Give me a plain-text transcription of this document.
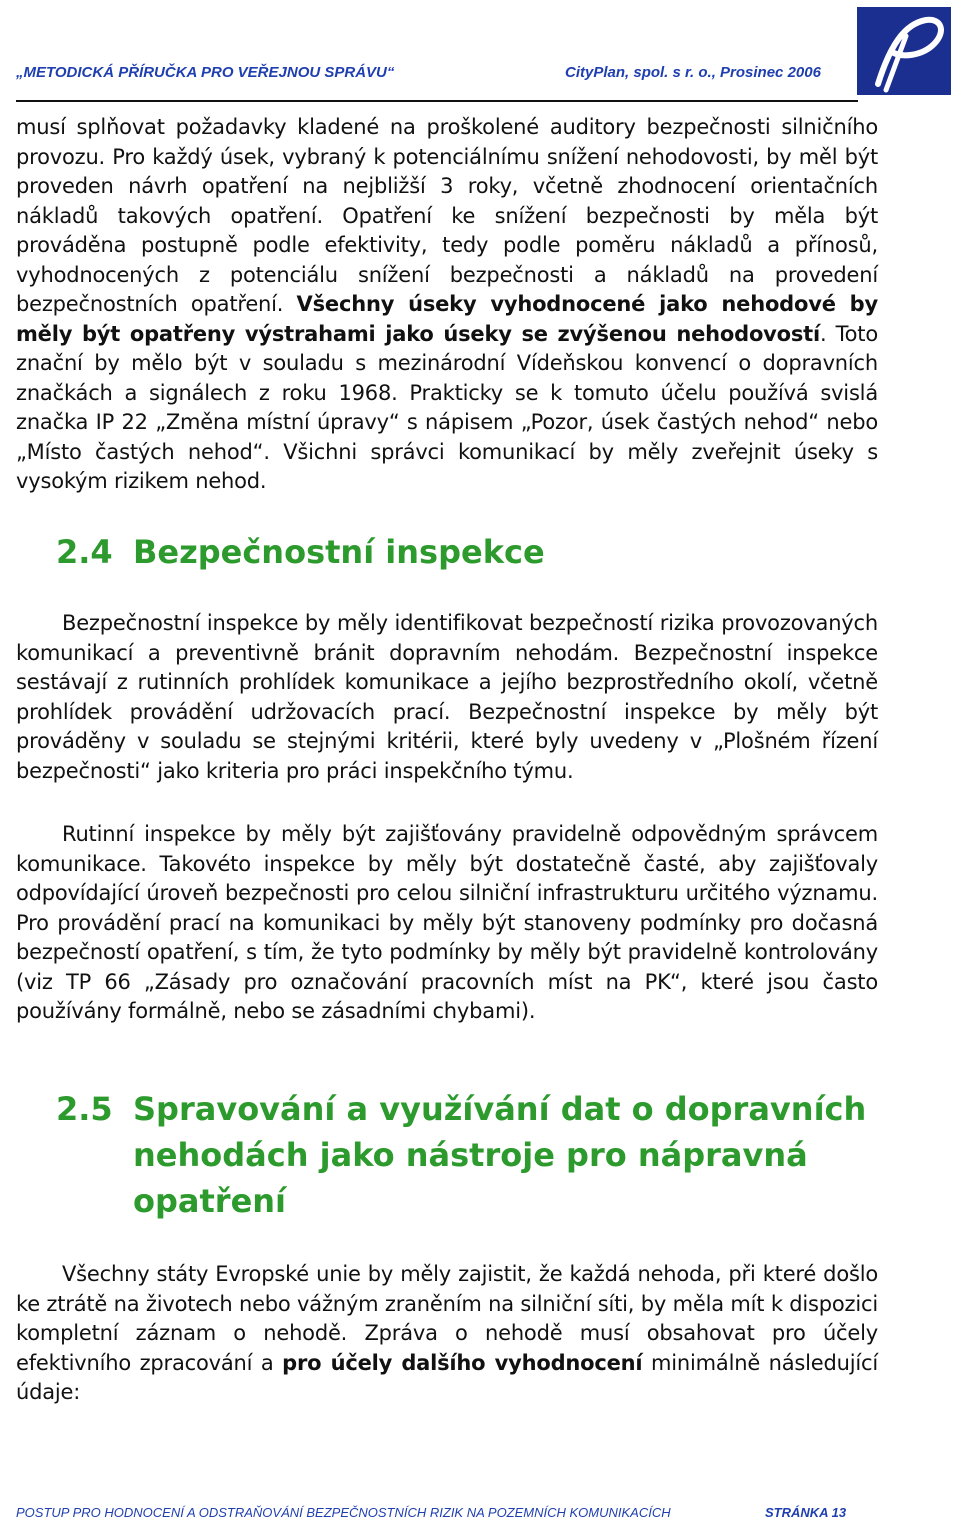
„METODICKÁ PŘÍRUČKA PRO VEŘEJNOU SPRÁVU“	CityPlan, spol. s r. o., Prosinec 2006

musí splňovat požadavky kladené na proškolené auditory bezpečnosti silničního provozu. Pro každý úsek, vybraný k potenciálnímu snížení nehodovosti, by měl být proveden návrh opatření na nejbližší 3 roky, včetně zhodnocení orientačních nákladů takových opatření. Opatření ke snížení bezpečnosti by měla být prováděna postupně podle efektivity, tedy podle poměru nákladů a přínosů, vyhodnocených z potenciálu snížení bezpečnosti a nákladů na provedení bezpečnostních opatření. Všechny úseky vyhodnocené jako nehodové by měly být opatřeny výstrahami jako úseky se zvýšenou nehodovostí. Toto znační by mělo být v souladu s mezinárodní Vídeňskou konvencí o dopravních značkách a signálech z roku 1968. Prakticky se k tomuto účelu používá svislá značka IP 22 „Změna místní úpravy“ s nápisem „Pozor, úsek častých nehod“ nebo „Místo častých nehod“. Všichni správci komunikací by měly zveřejnit úseky s vysokým rizikem nehod.

2.4 Bezpečnostní inspekce

Bezpečnostní inspekce by měly identifikovat bezpečností rizika provozovaných komunikací a preventivně bránit dopravním nehodám. Bezpečnostní inspekce sestávají z rutinních prohlídek komunikace a jejího bezprostředního okolí, včetně prohlídek provádění udržovacích prací. Bezpečnostní inspekce by měly být prováděny v souladu se stejnými kritérii, které byly uvedeny v „Plošném řízení bezpečnosti“ jako kriteria pro práci inspekčního týmu.

Rutinní inspekce by měly být zajišťovány pravidelně odpovědným správcem komunikace. Takovéto inspekce by měly být dostatečně časté, aby zajišťovaly odpovídající úroveň bezpečnosti pro celou silniční infrastrukturu určitého významu. Pro provádění prací na komunikaci by měly být stanoveny podmínky pro dočasná bezpečností opatření, s tím, že tyto podmínky by měly být pravidelně kontrolovány (viz TP 66 „Zásady pro označování pracovních míst na PK“, které jsou často používány formálně, nebo se zásadními chybami).

2.5 Spravování a využívání dat o dopravních nehodách jako nástroje pro nápravná opatření

Všechny státy Evropské unie by měly zajistit, že každá nehoda, při které došlo ke ztrátě na životech nebo vážným zraněním na silniční síti, by měla mít k dispozici kompletní záznam o nehodě. Zpráva o nehodě musí obsahovat pro účely efektivního zpracování a pro účely dalšího vyhodnocení minimálně následující údaje:

POSTUP PRO HODNOCENÍ A ODSTRAŇOVÁNÍ BEZPEČNOSTNÍCH RIZIK NA POZEMNÍCH KOMUNIKACÍCH	STRÁNKA 13
